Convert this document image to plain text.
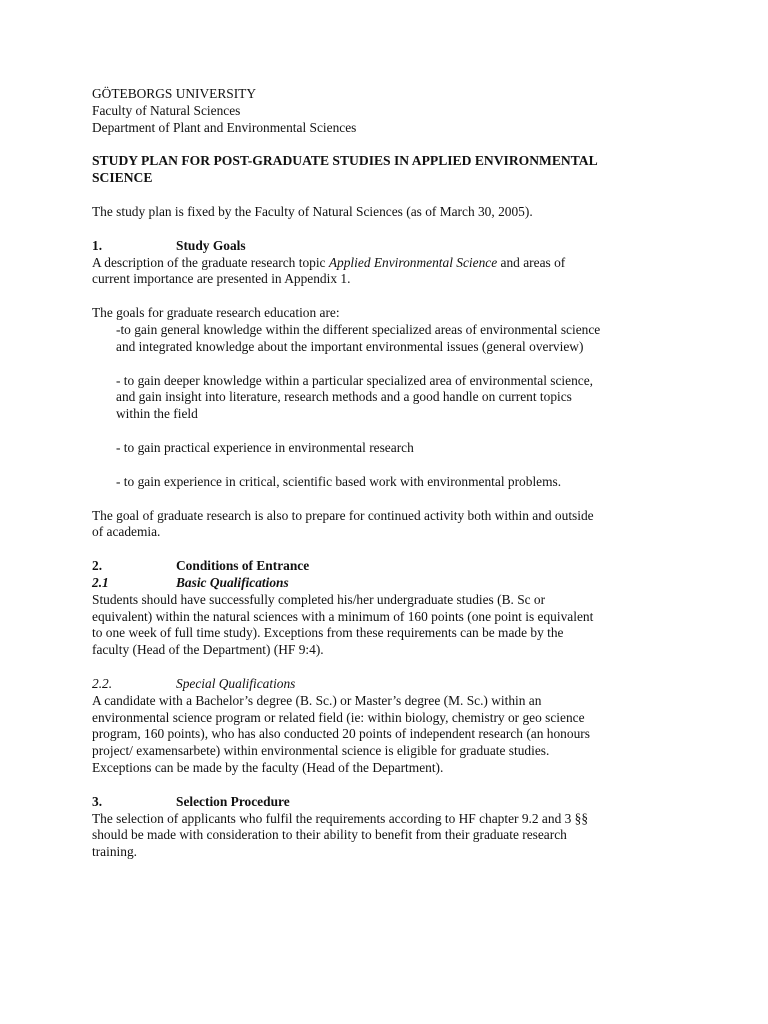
GÖTEBORGS UNIVERSITY
Faculty of Natural Sciences
Department of Plant and Environmental Sciences
STUDY PLAN FOR POST-GRADUATE STUDIES IN APPLIED ENVIRONMENTAL
SCIENCE
The study plan is fixed by the Faculty of Natural Sciences (as of March 30, 2005).
1.	Study Goals
A description of the graduate research topic Applied Environmental Science and areas of
current importance are presented in Appendix 1.
The goals for graduate research education are:
-to gain general knowledge within the different specialized areas of environmental science
and integrated knowledge about the important environmental issues (general overview)
- to gain deeper knowledge within a particular specialized area of environmental science,
and gain insight into literature, research methods and a good handle on current topics
within the field
- to gain practical experience in environmental research
- to gain experience in critical, scientific based work with environmental problems.
The goal of graduate research is also to prepare for continued activity both within and outside
of academia.
2.	Conditions of Entrance
2.1	Basic Qualifications
Students should have successfully completed his/her undergraduate studies (B. Sc or
equivalent) within the natural sciences with a minimum of 160 points (one point is equivalent
to one week of full time study). Exceptions from these requirements can be made by the
faculty (Head of the Department) (HF 9:4).
2.2.	Special Qualifications
A candidate with a Bachelor’s degree (B. Sc.) or Master’s degree (M. Sc.) within an
environmental science program or related field (ie: within biology, chemistry or geo science
program, 160 points), who has also conducted 20 points of independent research (an honours
project/ examensarbete) within environmental science is eligible for graduate studies.
Exceptions can be made by the faculty (Head of the Department).
3.	Selection Procedure
The selection of applicants who fulfil the requirements according to HF chapter 9.2 and 3 §§
should be made with consideration to their ability to benefit from their graduate research
training.
